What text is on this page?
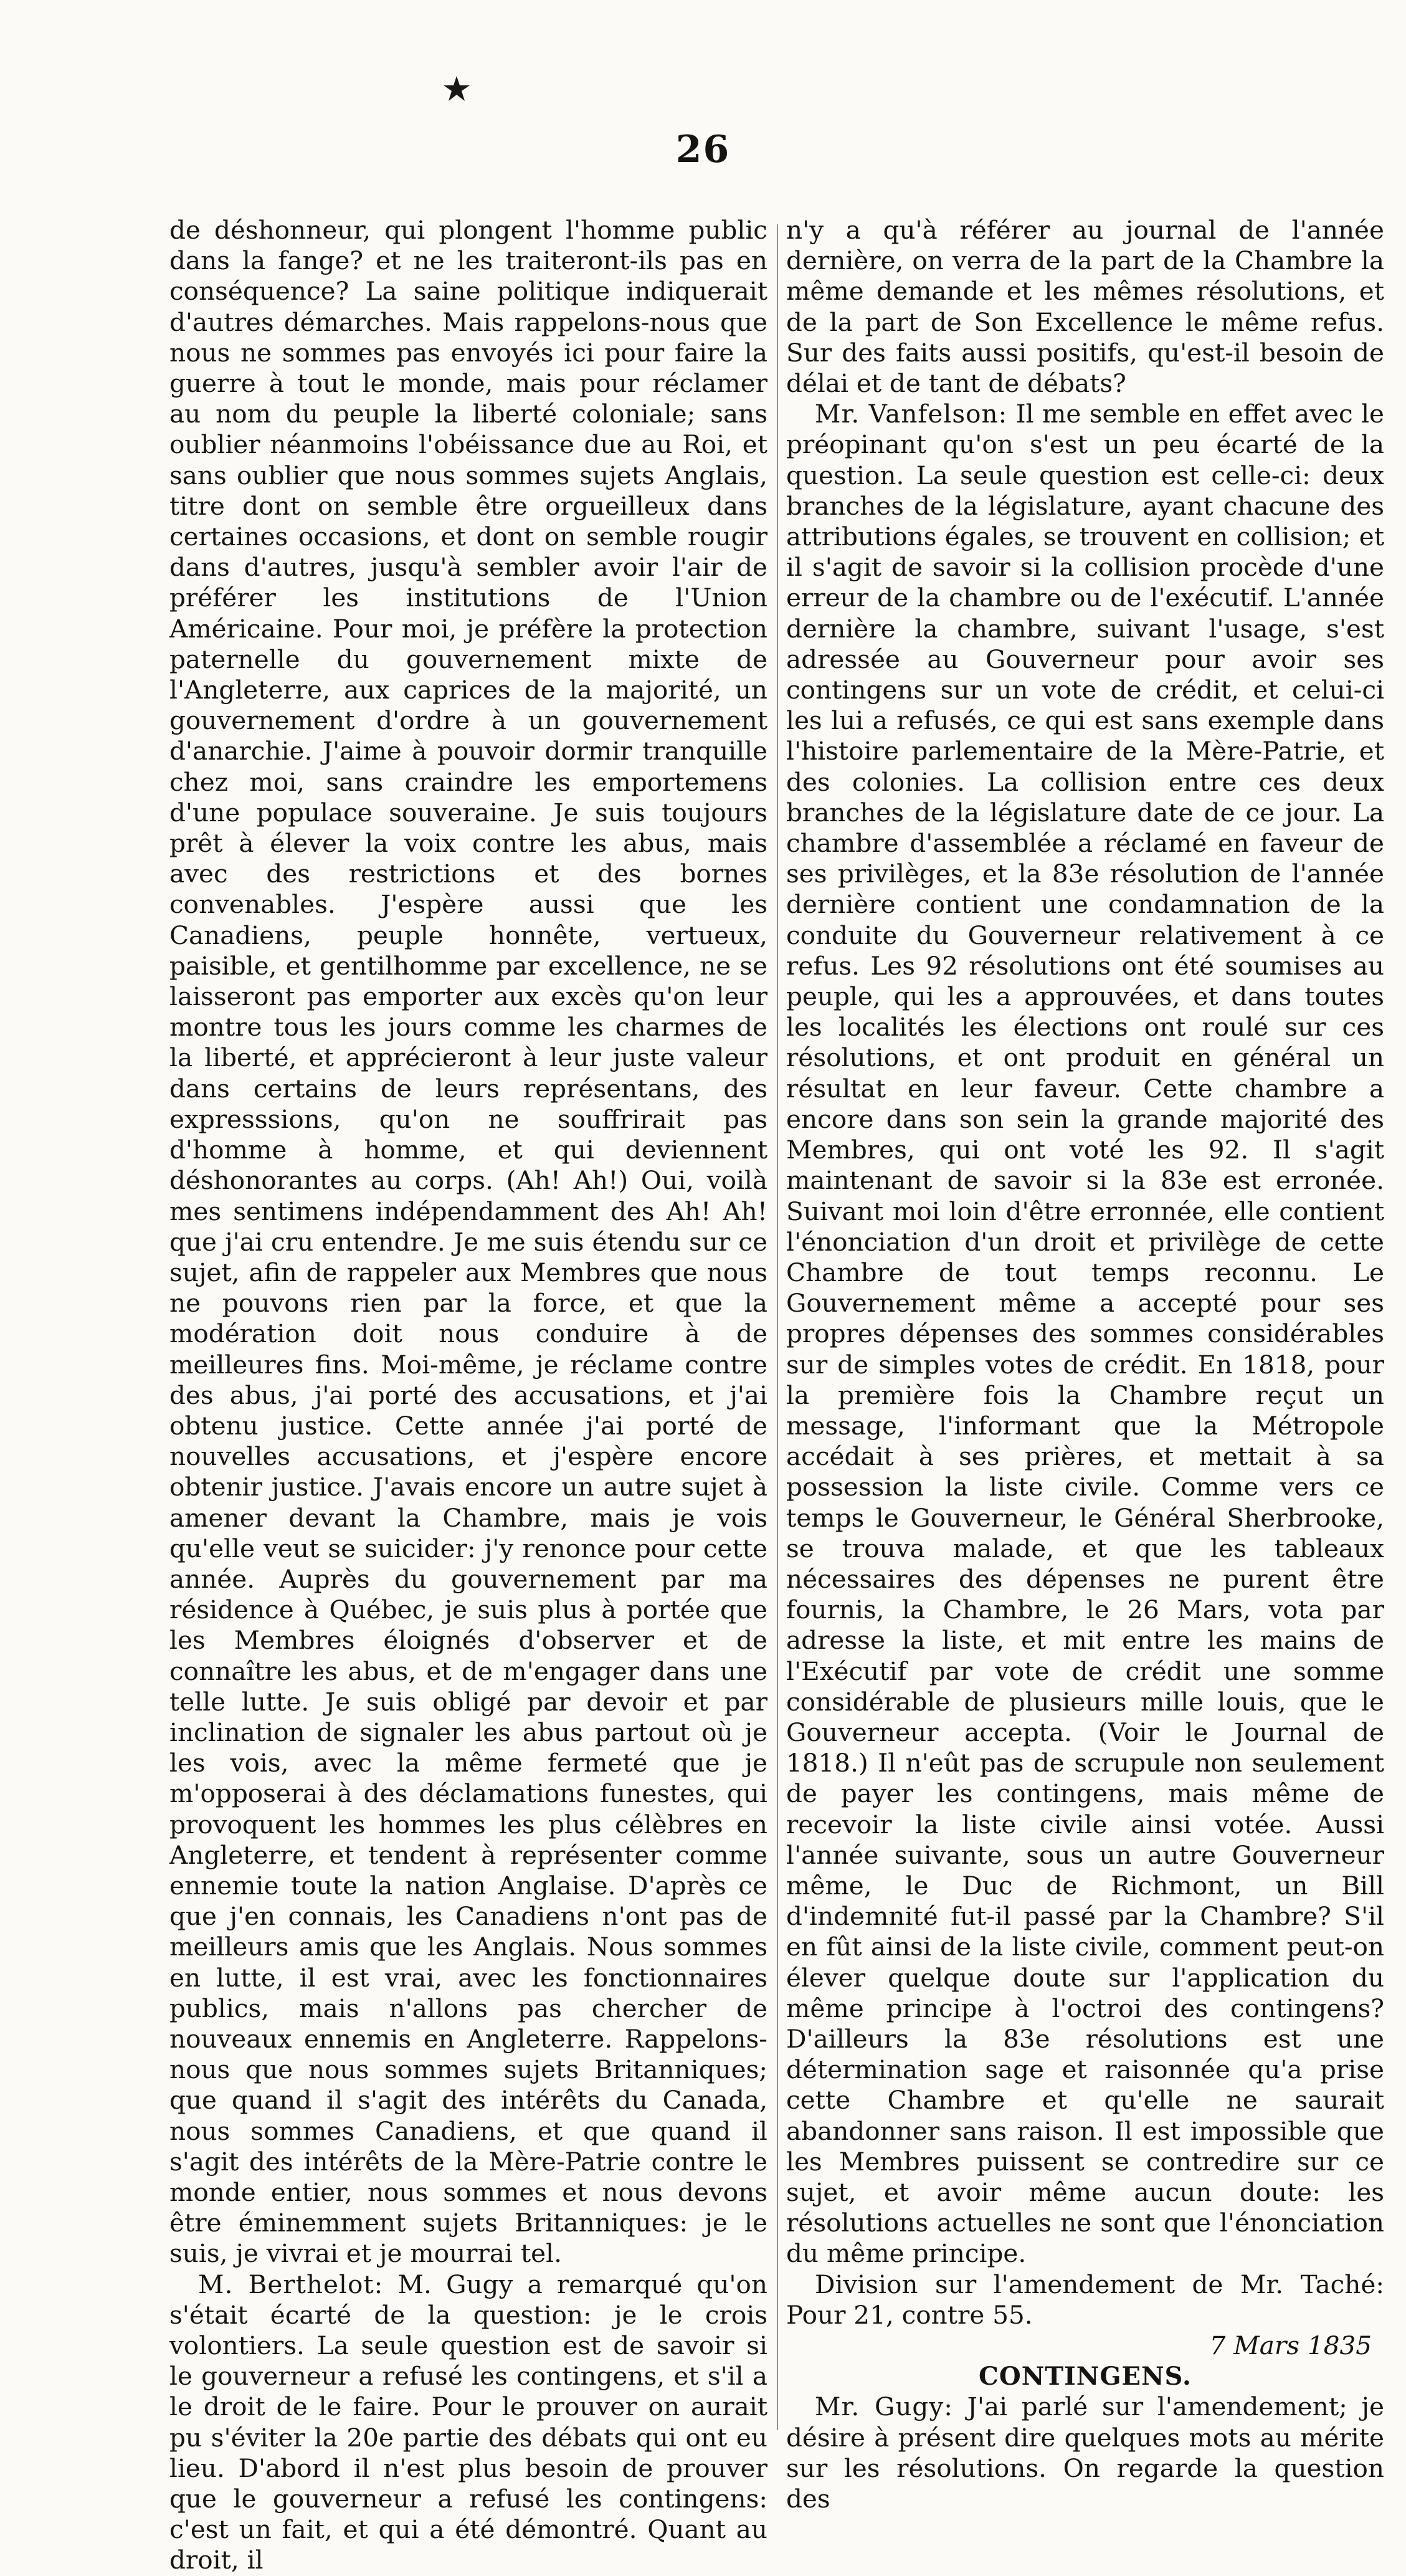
26

de déshonneur, qui plongent l'homme public dans la fange? et ne les traiteront-ils pas en conséquence? La saine politique indiquerait d'autres démarches. Mais rappelons-nous que nous ne sommes pas envoyés ici pour faire la guerre à tout le monde, mais pour réclamer au nom du peuple la liberté coloniale; sans oublier néanmoins l'obéissance due au Roi, et sans oublier que nous sommes sujets Anglais, titre dont on semble être orgueilleux dans certaines occasions, et dont on semble rougir dans d'autres, jusqu'à sembler avoir l'air de préférer les institutions de l'Union Américaine. Pour moi, je préfère la protection paternelle du gouvernement mixte de l'Angleterre, aux caprices de la majorité, un gouvernement d'ordre à un gouvernement d'anarchie. J'aime à pouvoir dormir tranquille chez moi, sans craindre les emportemens d'une populace souveraine. Je suis toujours prêt à élever la voix contre les abus, mais avec des restrictions et des bornes convenables. J'espère aussi que les Canadiens, peuple honnête, vertueux, paisible, et gentilhomme par excellence, ne se laisseront pas emporter aux excès qu'on leur montre tous les jours comme les charmes de la liberté, et apprécieront à leur juste valeur dans certains de leurs représentans, des expresssions, qu'on ne souffrirait pas d'homme à homme, et qui deviennent déshonorantes au corps. (Ah! Ah!) Oui, voilà mes sentimens indépendamment des Ah! Ah! que j'ai cru entendre. Je me suis étendu sur ce sujet, afin de rappeler aux Membres que nous ne pouvons rien par la force, et que la modération doit nous conduire à de meilleures fins. Moi-même, je réclame contre des abus, j'ai porté des accusations, et j'ai obtenu justice. Cette année j'ai porté de nouvelles accusations, et j'espère encore obtenir justice. J'avais encore un autre sujet à amener devant la Chambre, mais je vois qu'elle veut se suicider: j'y renonce pour cette année. Auprès du gouvernement par ma résidence à Québec, je suis plus à portée que les Membres éloignés d'observer et de connaître les abus, et de m'engager dans une telle lutte. Je suis obligé par devoir et par inclination de signaler les abus partout où je les vois, avec la même fermeté que je m'opposerai à des déclamations funestes, qui provoquent les hommes les plus célèbres en Angleterre, et tendent à représenter comme ennemie toute la nation Anglaise. D'après ce que j'en connais, les Canadiens n'ont pas de meilleurs amis que les Anglais. Nous sommes en lutte, il est vrai, avec les fonctionnaires publics, mais n'allons pas chercher de nouveaux ennemis en Angleterre. Rappelons-nous que nous sommes sujets Britanniques; que quand il s'agit des intérêts du Canada, nous sommes Canadiens, et que quand il s'agit des intérêts de la Mère-Patrie contre le monde entier, nous sommes et nous devons être éminemment sujets Britanniques: je le suis, je vivrai et je mourrai tel.

M. Berthelot: M. Gugy a remarqué qu'on s'était écarté de la question: je le crois volontiers. La seule question est de savoir si le gouverneur a refusé les contingens, et s'il a le droit de le faire. Pour le prouver on aurait pu s'éviter la 20e partie des débats qui ont eu lieu. D'abord il n'est plus besoin de prouver que le gouverneur a refusé les contingens: c'est un fait, et qui a été démontré. Quant au droit, il

n'y a qu'à référer au journal de l'année dernière, on verra de la part de la Chambre la même demande et les mêmes résolutions, et de la part de Son Excellence le même refus. Sur des faits aussi positifs, qu'est-il besoin de délai et de tant de débats?

Mr. Vanfelson: Il me semble en effet avec le préopinant qu'on s'est un peu écarté de la question. La seule question est celle-ci: deux branches de la législature, ayant chacune des attributions égales, se trouvent en collision; et il s'agit de savoir si la collision procède d'une erreur de la chambre ou de l'exécutif. L'année dernière la chambre, suivant l'usage, s'est adressée au Gouverneur pour avoir ses contingens sur un vote de crédit, et celui-ci les lui a refusés, ce qui est sans exemple dans l'histoire parlementaire de la Mère-Patrie, et des colonies. La collision entre ces deux branches de la législature date de ce jour. La chambre d'assemblée a réclamé en faveur de ses privilèges, et la 83e résolution de l'année dernière contient une condamnation de la conduite du Gouverneur relativement à ce refus. Les 92 résolutions ont été soumises au peuple, qui les a approuvées, et dans toutes les localités les élections ont roulé sur ces résolutions, et ont produit en général un résultat en leur faveur. Cette chambre a encore dans son sein la grande majorité des Membres, qui ont voté les 92. Il s'agit maintenant de savoir si la 83e est erronée. Suivant moi loin d'être erronnée, elle contient l'énonciation d'un droit et privilège de cette Chambre de tout temps reconnu. Le Gouvernement même a accepté pour ses propres dépenses des sommes considérables sur de simples votes de crédit. En 1818, pour la première fois la Chambre reçut un message, l'informant que la Métropole accédait à ses prières, et mettait à sa possession la liste civile. Comme vers ce temps le Gouverneur, le Général Sherbrooke, se trouva malade, et que les tableaux nécessaires des dépenses ne purent être fournis, la Chambre, le 26 Mars, vota par adresse la liste, et mit entre les mains de l'Exécutif par vote de crédit une somme considérable de plusieurs mille louis, que le Gouverneur accepta. (Voir le Journal de 1818.) Il n'eût pas de scrupule non seulement de payer les contingens, mais même de recevoir la liste civile ainsi votée. Aussi l'année suivante, sous un autre Gouverneur même, le Duc de Richmont, un Bill d'indemnité fut-il passé par la Chambre? S'il en fût ainsi de la liste civile, comment peut-on élever quelque doute sur l'application du même principe à l'octroi des contingens? D'ailleurs la 83e résolutions est une détermination sage et raisonnée qu'a prise cette Chambre et qu'elle ne saurait abandonner sans raison. Il est impossible que les Membres puissent se contredire sur ce sujet, et avoir même aucun doute: les résolutions actuelles ne sont que l'énonciation du même principe.

Division sur l'amendement de Mr. Taché: Pour 21, contre 55.

7 Mars 1835

CONTINGENS.

Mr. Gugy: J'ai parlé sur l'amendement; je désire à présent dire quelques mots au mérite sur les résolutions. On regarde la question des
